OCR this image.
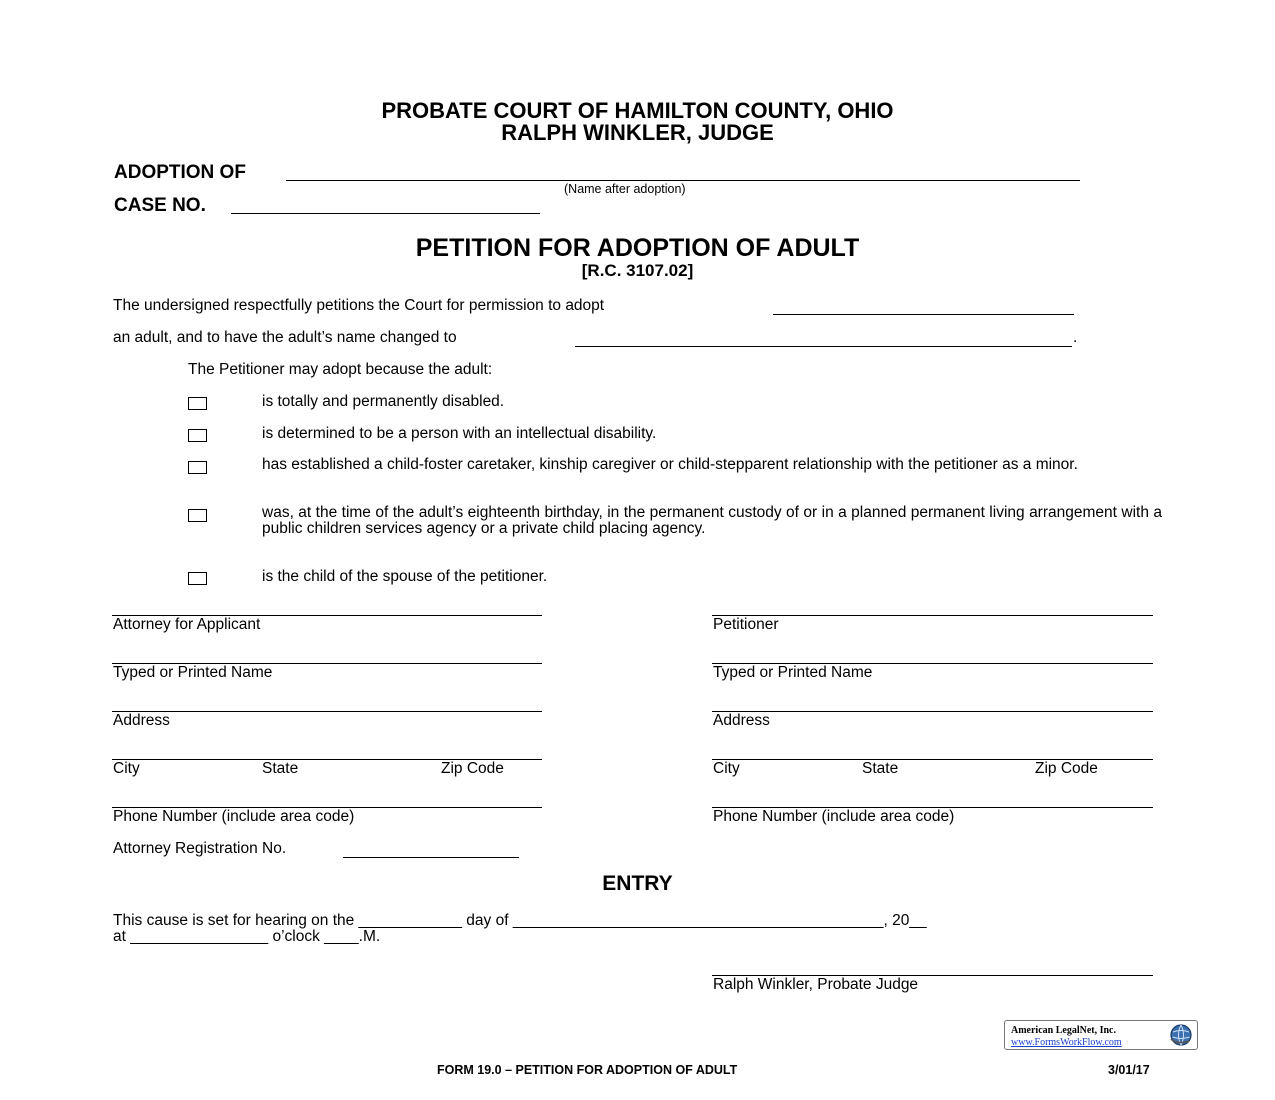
PROBATE COURT OF HAMILTON COUNTY, OHIO
RALPH WINKLER, JUDGE
ADOPTION OF
(Name after adoption)
CASE NO.
PETITION FOR ADOPTION OF ADULT
[R.C. 3107.02]
The undersigned respectfully petitions the Court for permission to adopt
an adult, and to have the adult’s name changed to	.
The Petitioner may adopt because the adult:
is totally and permanently disabled.
is determined to be a person with an intellectual disability.
has established a child-foster caretaker, kinship caregiver or child-stepparent relationship with the petitioner as a minor.
was, at the time of the adult’s eighteenth birthday, in the permanent custody of or in a planned permanent living arrangement with a public children services agency or a private child placing agency.
is the child of the spouse of the petitioner.
Attorney for Applicant
Typed or Printed Name
Address
City	State	Zip Code
Phone Number (include area code)
Attorney Registration No.
Petitioner
Typed or Printed Name
Address
City	State	Zip Code
Phone Number (include area code)
ENTRY
This cause is set for hearing on the ____________ day of ___________________________________________, 20__
at ________________ o’clock ____.M.
Ralph Winkler, Probate Judge
American LegalNet, Inc.
www.FormsWorkFlow.com
FORM 19.0 – PETITION FOR ADOPTION OF ADULT	3/01/17
